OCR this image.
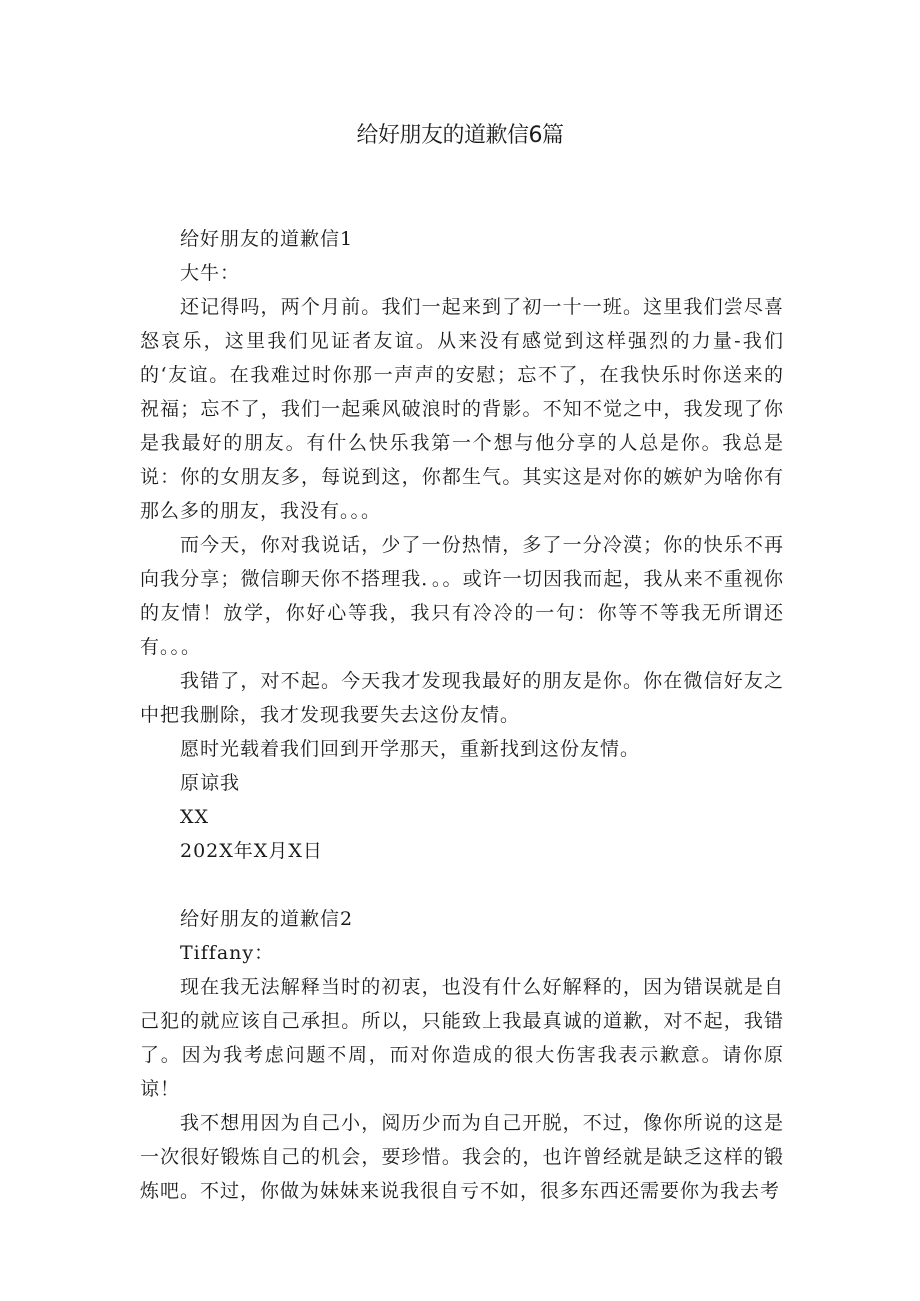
给好朋友的道歉信6篇

给好朋友的道歉信1

大牛：

还记得吗，两个月前。我们一起来到了初一十一班。这里我们尝尽喜怒哀乐，这里我们见证者友谊。从来没有感觉到这样强烈的力量-我们的‘友谊。在我难过时你那一声声的安慰；忘不了，在我快乐时你送来的祝福；忘不了，我们一起乘风破浪时的背影。不知不觉之中，我发现了你是我最好的朋友。有什么快乐我第一个想与他分享的人总是你。我总是说：你的女朋友多，每说到这，你都生气。其实这是对你的嫉妒为啥你有那么多的朋友，我没有。。。

而今天，你对我说话，少了一份热情，多了一分冷漠；你的快乐不再向我分享；微信聊天你不搭理我．。。或许一切因我而起，我从来不重视你的友情！放学，你好心等我，我只有冷冷的一句：你等不等我无所谓还有。。。

我错了，对不起。今天我才发现我最好的朋友是你。你在微信好友之中把我删除，我才发现我要失去这份友情。

愿时光载着我们回到开学那天，重新找到这份友情。

原谅我

XX

202X年X月X日

给好朋友的道歉信2

Tiffany：

现在我无法解释当时的初衷，也没有什么好解释的，因为错误就是自己犯的就应该自己承担。所以，只能致上我最真诚的道歉，对不起，我错了。因为我考虑问题不周，而对你造成的很大伤害我表示歉意。请你原谅！

我不想用因为自己小，阅历少而为自己开脱，不过，像你所说的这是一次很好锻炼自己的机会，要珍惜。我会的，也许曾经就是缺乏这样的锻炼吧。不过，你做为妹妹来说我很自亏不如，很多东西还需要你为我去考
